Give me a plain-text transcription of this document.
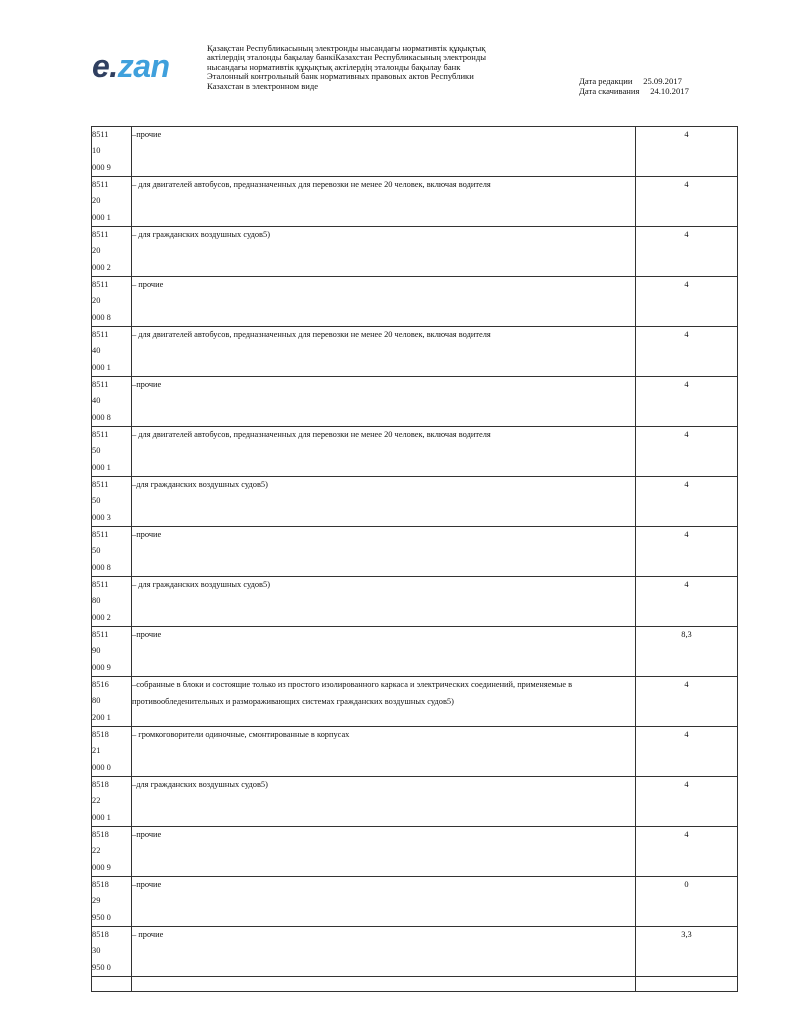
e.zan	Қазақстан Республикасының электронды нысандағы нормативтік құқықтық
актілердің эталонды бақылау банкіКазахстан Республикасының электронды
нысандағы нормативтік құқықтық актілердің эталонды бақылау банк
Эталонный контрольный банк нормативных правовых актов Республики
Казахстан в электронном виде	Дата редакции 25.09.2017
Дата скачивания 24.10.2017
8511
10
000 9	–прочие	4

8511
20
000 1	– для двигателей автобусов, предназначенных для перевозки не менее 20 человек, включая водителя	4

8511
20
000 2	– для гражданских воздушных судов5)	4

8511
20
000 8	– прочие	4

8511
40
000 1	– для двигателей автобусов, предназначенных для перевозки не менее 20 человек, включая водителя	4

8511
40
000 8	–прочие	4

8511
50
000 1	– для двигателей автобусов, предназначенных для перевозки не менее 20 человек, включая водителя	4

8511
50
000 3	–для гражданских воздушных судов5)	4

8511
50
000 8	–прочие	4

8511
80
000 2	– для гражданских воздушных судов5)	4

8511
90
000 9	–прочие	8,3

8516
80
200 1	–собранные в блоки и состоящие только из простого изолированного каркаса и электрических соединений, применяемые в противообледенительных и размораживающих системах гражданских воздушных судов5)	4

8518
21
000 0	– громкоговорители одиночные, смонтированные в корпусах	4

8518
22
000 1	–для гражданских воздушных судов5)	4

8518
22
000 9	–прочие	4

8518
29
950 0	–прочие	0

8518
30
950 0	– прочие	3,3
